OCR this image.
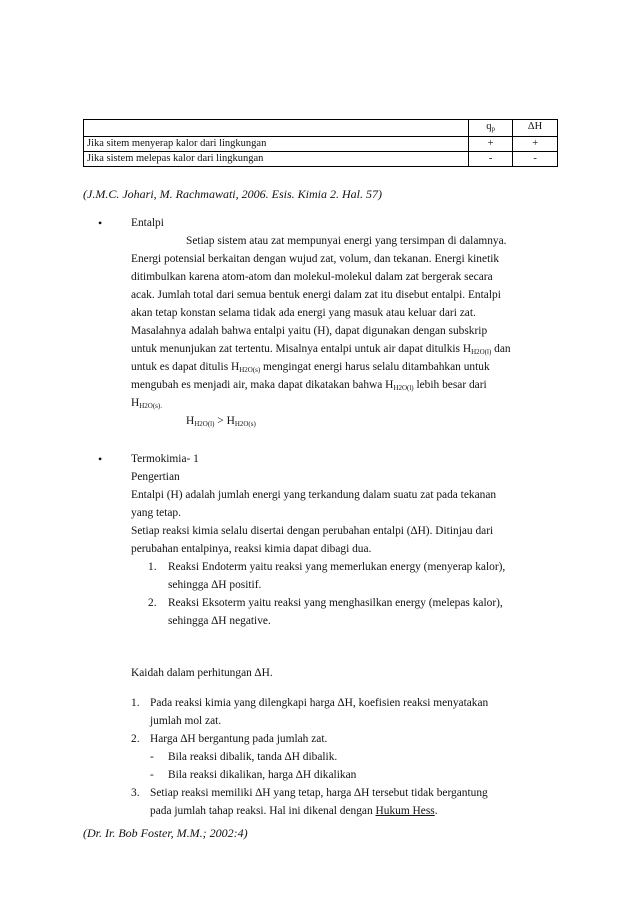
	$q_p$	∆H
Jika sitem menyerap kalor dari lingkungan	+	+
Jika sistem melepas kalor dari lingkungan	-	-
(J.M.C. Johari, M. Rachmawati, 2006. Esis. Kimia 2. Hal. 57)
•	Entalpi
Setiap sistem atau zat mempunyai energi yang tersimpan di dalamnya.
Energi potensial berkaitan dengan wujud zat, volum, dan tekanan. Energi kinetik
ditimbulkan karena atom-atom dan molekul-molekul dalam zat bergerak secara
acak. Jumlah total dari semua bentuk energi dalam zat itu disebut entalpi. Entalpi
akan tetap konstan selama tidak ada energi yang masuk atau keluar dari zat.
Masalahnya adalah bahwa entalpi yaitu (H), dapat digunakan dengan subskrip
untuk menunjukan zat tertentu. Misalnya entalpi untuk air dapat ditulkis HH2O(l) dan
untuk es dapat ditulis HH2O(s) mengingat energi harus selalu ditambahkan untuk
mengubah es menjadi air, maka dapat dikatakan bahwa HH2O(l) lebih besar dari
HH2O(s).
HH2O(l) > HH2O(s)
•	Termokimia- 1
Pengertian
Entalpi (H) adalah jumlah energi yang terkandung dalam suatu zat pada tekanan
yang tetap.
Setiap reaksi kimia selalu disertai dengan perubahan entalpi (∆H). Ditinjau dari
perubahan entalpinya, reaksi kimia dapat dibagi dua.
1. Reaksi Endoterm yaitu reaksi yang memerlukan energy (menyerap kalor),
sehingga ∆H positif.
2. Reaksi Eksoterm yaitu reaksi yang menghasilkan energy (melepas kalor),
sehingga ∆H negative.
Kaidah dalam perhitungan ∆H.
1. Pada reaksi kimia yang dilengkapi harga ∆H, koefisien reaksi menyatakan
jumlah mol zat.
2. Harga ∆H bergantung pada jumlah zat.
- Bila reaksi dibalik, tanda ∆H dibalik.
- Bila reaksi dikalikan, harga ∆H dikalikan
3. Setiap reaksi memiliki ∆H yang tetap, harga ∆H tersebut tidak bergantung
pada jumlah tahap reaksi. Hal ini dikenal dengan Hukum Hess.
(Dr. Ir. Bob Foster, M.M.; 2002:4)
